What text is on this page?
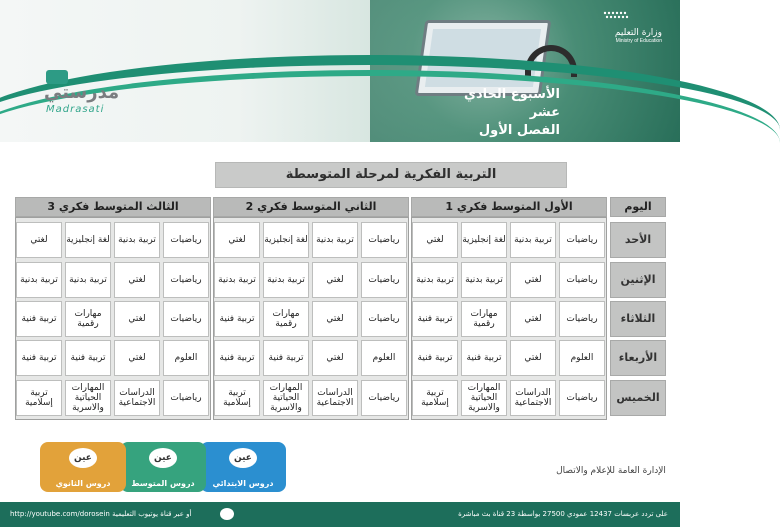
وزارة التعليم
Ministry of Education
الأسبوع الحادي عشر
الفصل الأول 1443هـ
مدرستي
Madrasati
التربية الفكرية لمرحلة المتوسطة
اليوم
الأول المتوسط فكري 1
الثاني المتوسط فكري 2
الثالث المتوسط فكري 3
الأحد
الإثنين
الثلاثاء
الأربعاء
الخميس
رياضيات
تربية بدنية
لغة إنجليزية
لغتي
رياضيات
تربية بدنية
لغة إنجليزية
لغتي
رياضيات
تربية بدنية
لغة إنجليزية
لغتي
رياضيات
لغتي
تربية بدنية
تربية بدنية
رياضيات
لغتي
تربية بدنية
تربية بدنية
رياضيات
لغتي
تربية بدنية
تربية بدنية
رياضيات
لغتي
مهارات رقمية
تربية فنية
رياضيات
لغتي
مهارات رقمية
تربية فنية
رياضيات
لغتي
مهارات رقمية
تربية فنية
العلوم
لغتي
تربية فنية
تربية فنية
العلوم
لغتي
تربية فنية
تربية فنية
العلوم
لغتي
تربية فنية
تربية فنية
رياضيات
الدراسات الاجتماعية
المهارات الحياتية والاسرية
تربية إسلامية
رياضيات
الدراسات الاجتماعية
المهارات الحياتية والاسرية
تربية إسلامية
رياضيات
الدراسات الاجتماعية
المهارات الحياتية والاسرية
تربية إسلامية
عين
دروس الابتدائي
عين
دروس المتوسط
عين
دروس الثانوي
الإدارة العامة للإعلام والاتصال
http://youtube.com/dorosein أو عبر قناة يوتيوب التعليمية	على تردد عربسات 12437 عمودي 27500 بواسطة 23 قناة بث مباشرة
